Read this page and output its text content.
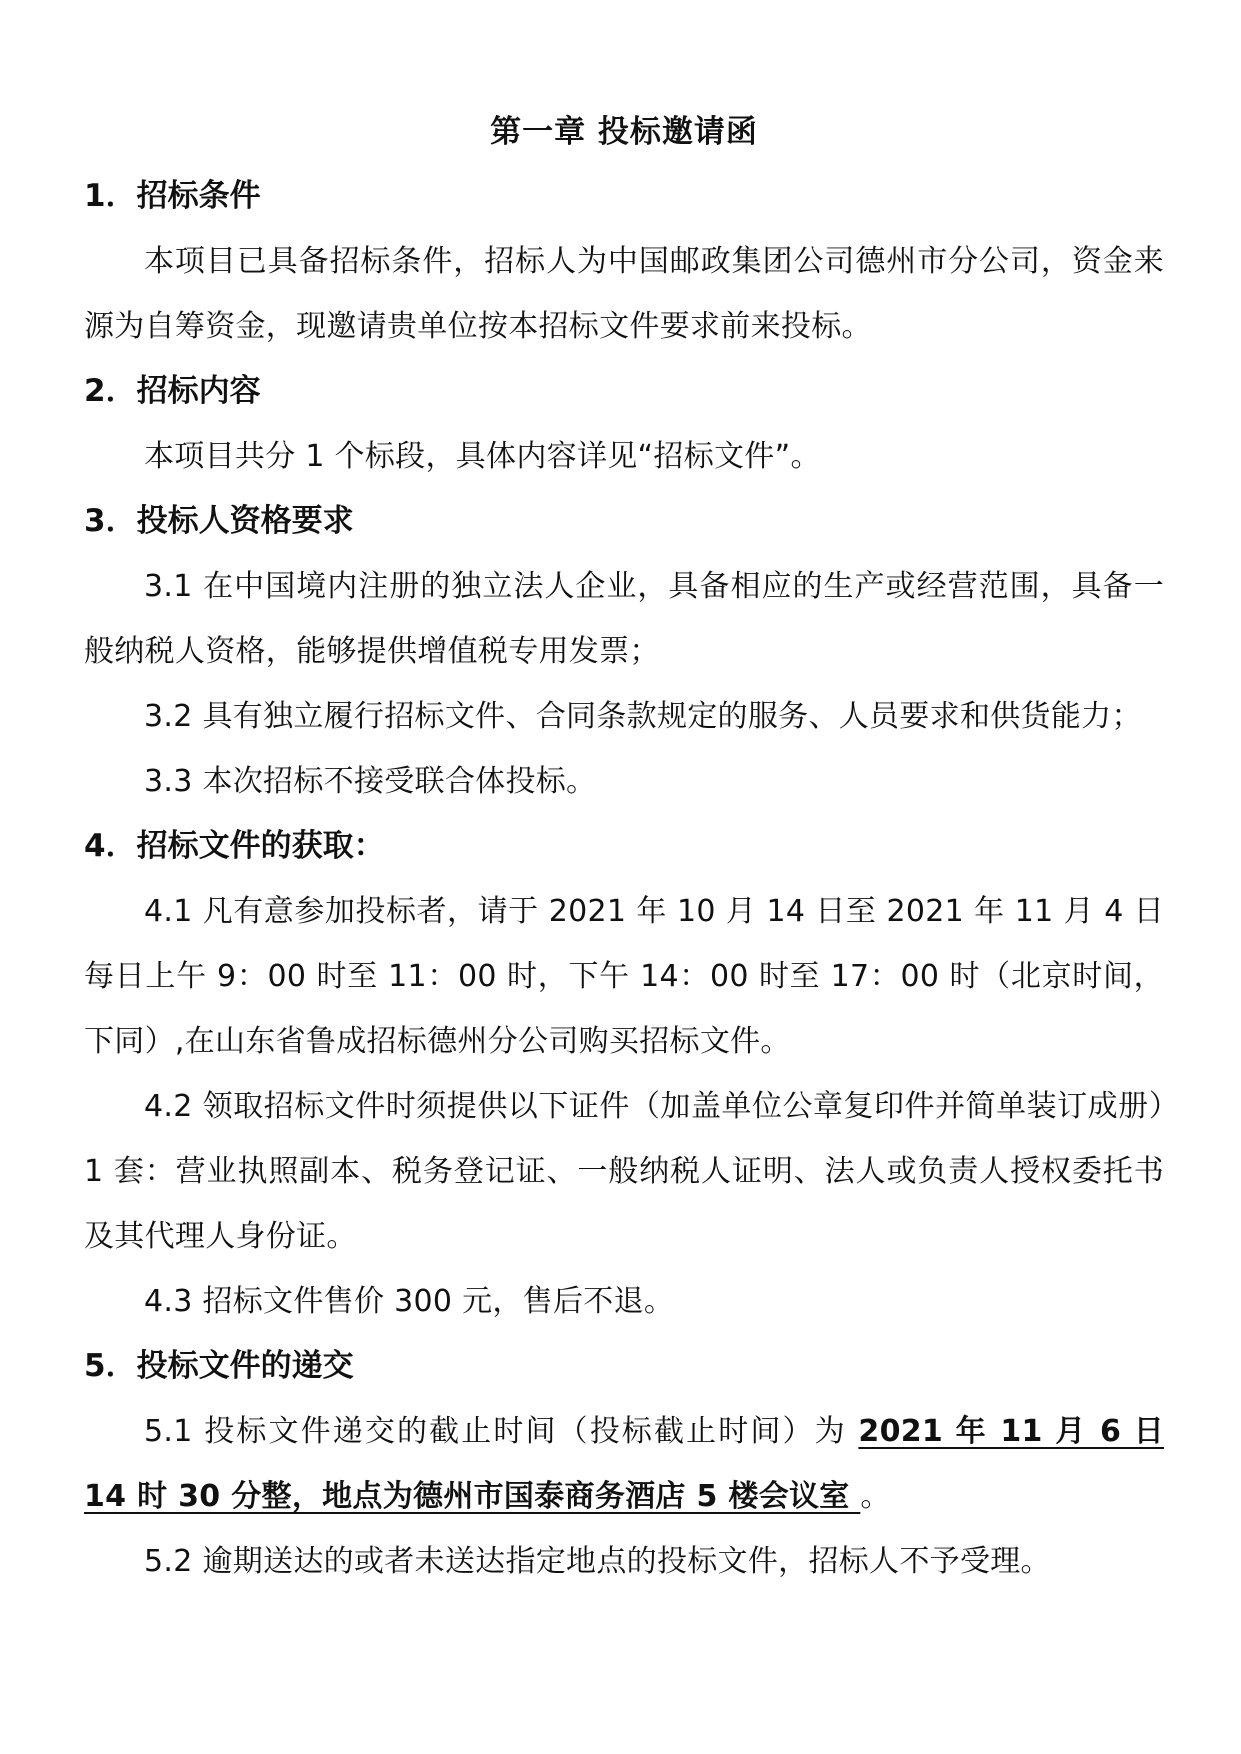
第一章 投标邀请函
1．招标条件

本项目已具备招标条件，招标人为中国邮政集团公司德州市分公司，资金来源为自筹资金，现邀请贵单位按本招标文件要求前来投标。

2．招标内容

本项目共分 1 个标段，具体内容详见“招标文件”。

3．投标人资格要求

3.1 在中国境内注册的独立法人企业，具备相应的生产或经营范围，具备一般纳税人资格，能够提供增值税专用发票；

3.2 具有独立履行招标文件、合同条款规定的服务、人员要求和供货能力；

3.3 本次招标不接受联合体投标。

4．招标文件的获取：

4.1 凡有意参加投标者，请于 2021 年 10 月 14 日至 2021 年 11 月 4 日每日上午 9：00 时至 11：00 时，下午 14：00 时至 17：00 时（北京时间，下同）,在山东省鲁成招标德州分公司购买招标文件。

4.2 领取招标文件时须提供以下证件（加盖单位公章复印件并简单装订成册）1 套：营业执照副本、税务登记证、一般纳税人证明、法人或负责人授权委托书及其代理人身份证。

4.3 招标文件售价 300 元，售后不退。

5．投标文件的递交

5.1 投标文件递交的截止时间（投标截止时间）为 2021 年 11 月 6 日 14 时 30 分整，地点为德州市国泰商务酒店 5 楼会议室 。

5.2 逾期送达的或者未送达指定地点的投标文件，招标人不予受理。
